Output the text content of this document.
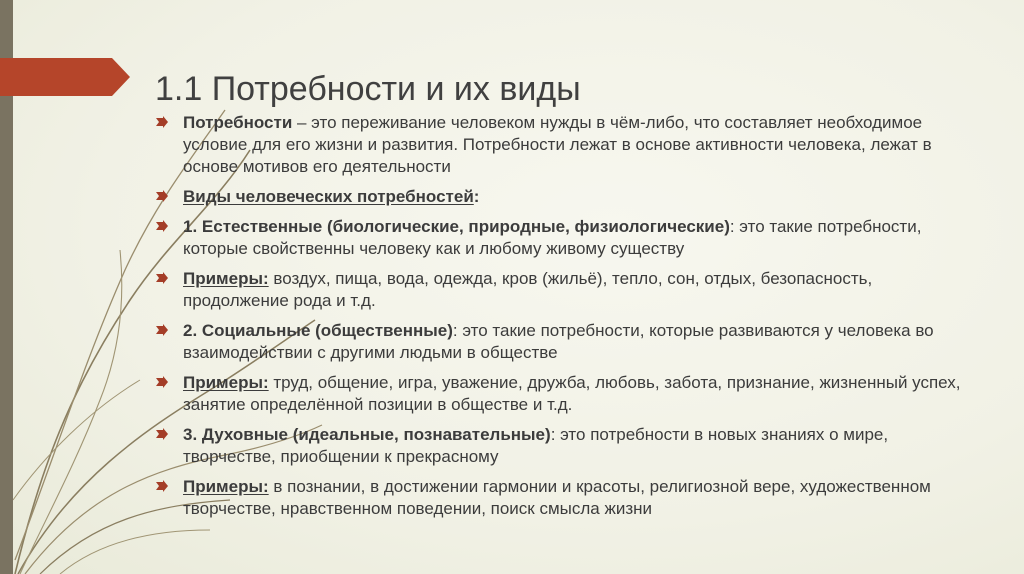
1.1 Потребности и их виды
Потребности – это переживание человеком нужды в чём-либо, что составляет необходимое условие для его жизни и развития. Потребности лежат в основе активности человека, лежат в основе мотивов его деятельности
Виды человеческих потребностей:
1. Естественные (биологические, природные, физиологические): это такие потребности, которые свойственны человеку как и любому живому существу
Примеры: воздух, пища, вода, одежда, кров (жильё), тепло, сон, отдых, безопасность, продолжение рода и т.д.
2. Социальные (общественные): это такие потребности, которые развиваются у человека во взаимодействии с другими людьми в обществе
Примеры: труд, общение, игра, уважение, дружба, любовь, забота, признание, жизненный успех, занятие определённой позиции в обществе и т.д.
3. Духовные (идеальные, познавательные): это потребности в новых знаниях о мире, творчестве, приобщении к прекрасному
Примеры: в познании, в достижении гармонии и красоты, религиозной вере, художественном творчестве, нравственном поведении, поиск смысла жизни
